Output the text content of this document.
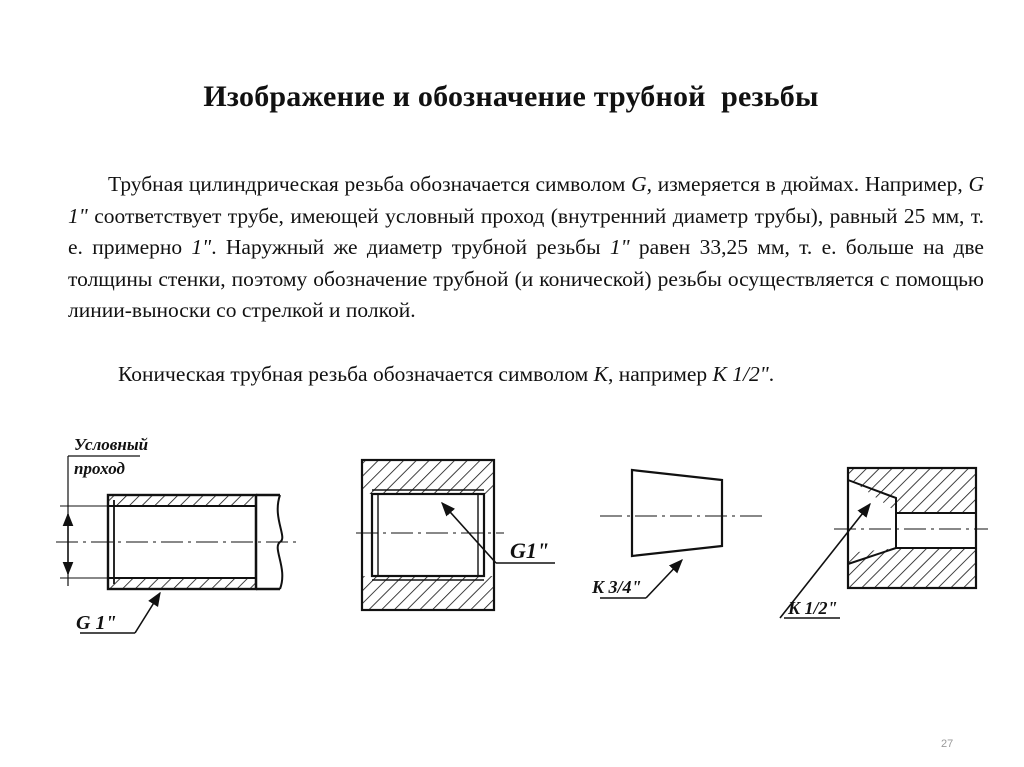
Изображение и обозначение трубной  резьбы
Трубная цилиндрическая резьба обозначается символом G, измеряется в дюймах. Например, G 1" соответствует трубе, имеющей условный проход (внутренний диаметр трубы), равный 25 мм, т. е. примерно 1". Наружный же диаметр трубной резьбы 1" равен 33,25 мм, т. е. больше на две толщины стенки, поэтому обозначение трубной (и конической) резьбы осуществляется с помощью линии-выноски со стрелкой и полкой.
Коническая трубная резьба обозначается символом K, например K 1/2".
Условный
проход
G 1"
G1"
K 3/4"
K 1/2"
27
